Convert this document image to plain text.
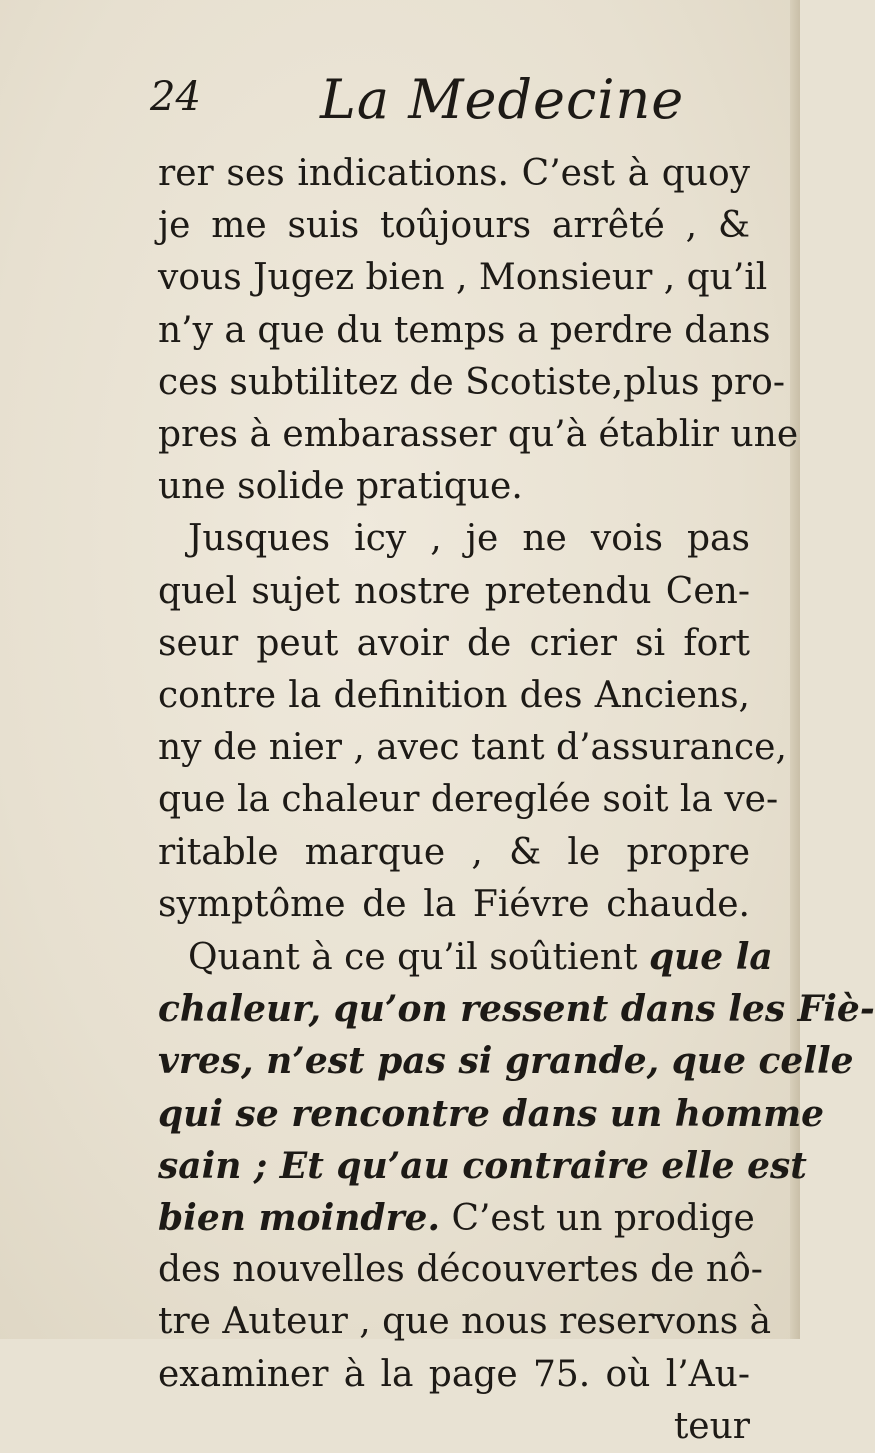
24 La Medecine
rer ses indications. C’est à quoy
je me suis toûjours arrêté , &
vous Jugez bien , Monsieur , qu’il
n’y a que du temps a perdre dans
ces subtilitez de Scotiste,plus pro-
pres à embarasser qu’à établir une
une solide pratique.
Jusques icy , je ne vois pas
quel sujet nostre pretendu Cen-
seur peut avoir de crier si fort
contre la definition des Anciens,
ny de nier , avec tant d’assurance,
que la chaleur dereglée soit la ve-
ritable marque , & le propre
symptôme de la Fiévre chaude.
Quant à ce qu’il soûtient que la
chaleur, qu’on ressent dans les Fiè-
vres, n’est pas si grande, que celle
qui se rencontre dans un homme
sain ; Et qu’au contraire elle est
bien moindre. C’est un prodige
des nouvelles découvertes de nô-
tre Auteur , que nous reservons à
examiner à la page 75. où l’Au-
teur
